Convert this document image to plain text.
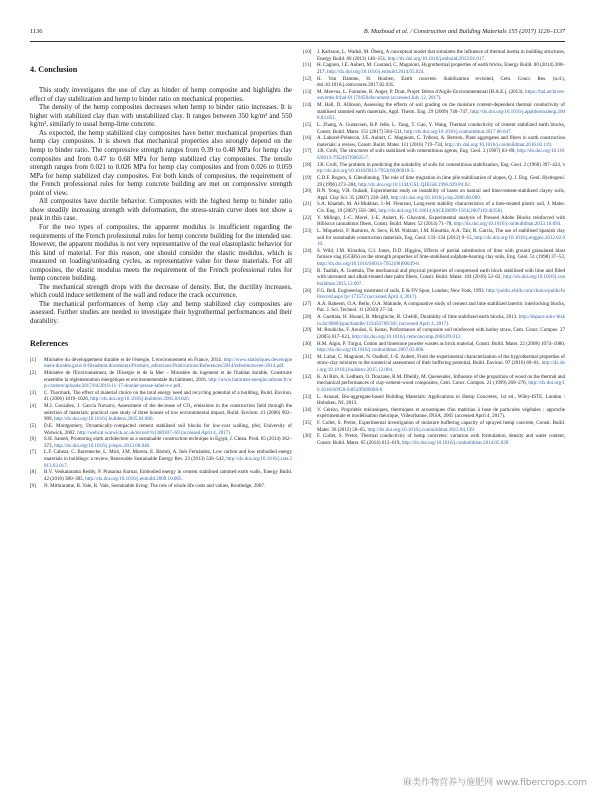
1136	B. Mazhoud et al. / Construction and Building Materials 155 (2017) 1126–1137
4. Conclusion

This study investigates the use of clay as binder of hemp composite and highlights the effect of clay stabilization and hemp to binder ratio on mechanical properties.

The density of the hemp composites decreases when hemp to binder ratio increases. It is higher with stabilized clay than with unstabilized clay. It ranges between 350 kg/m³ and 550 kg/m³, similarly to usual hemp-lime concrete.

As expected, the hemp stabilized clay composites have better mechanical properties than hemp clay composites. It is shown that mechanical properties also strongly depend on the hemp to binder ratio. The compressive strength ranges from 0.39 to 0.48 MPa for hemp clay composites and from 0.47 to 0.68 MPa for hemp stabilized clay composites. The tensile strength ranges from 0.021 to 0.026 MPa for hemp clay composites and from 0.026 to 0.059 MPa for hemp stabilized clay composites. For both kinds of composites, the requirement of the French professional rules for hemp concrete building are met on compressive strength point of view.

All composites have ductile behavior. Composites with the highest hemp to binder ratio show steadily increasing strength with deformation, the stress-strain curve does not show a peak in this case.

For the two types of composites, the apparent modulus is insufficient regarding the requirements of the French professional rules for hemp concrete building for the intended use. However, the apparent modulus is not very representative of the real elastoplastic behavior for this kind of material. For this reason, one should consider the elastic modulus, which is measured on loading/unloading cycles, as representative value for these materials. For all composites, the elastic modulus meets the requirement of the French professional rules for hemp concrete building.

The mechanical strength drops with the decrease of density. But, the ductility increases, which could induce settlement of the wall and reduce the crack occurrence.

The mechanical performances of hemp clay and hemp stabilized clay composites are assessed. Further studies are needed to investigate their hygrothermal performances and their durability.

References
[1] Ministère du développement durable et de l'énergie, L'environnement en France, 2014. http://www.statistiques.developpement-durable.gouv.fr/fileadmin/documents/Produits_editoriaux/Publications/References/2014/references-ree-2014.pdf.
[2] Ministère de l'Environnement, de l'Energie et de la Mer – Ministère du logement et de l'habitat durable, Construire ensemble la réglementation énergétique et environnementale du bâtiment, 2016. http://www.batiment-energiecarbone.fr/wp-content/uploads/2017/04/2016-11-17-dossier-presse-label-e-c.pdf.
[3] C. Thormark, The effect of material choice on the total energy need and recycling potential of a building, Build. Environ. 41 (2006) 1019–1026, http://dx.doi.org/10.1016/j.buildenv.2005.04.026.
[4] M.J. González, J. García Navarro, Assessment of the decrease of CO₂ emissions in the construction field through the selection of materials: practical case study of three houses of low environmental impact, Build. Environ. 41 (2006) 902–909, http://dx.doi.org/10.1016/j.buildenv.2005.04.006.
[5] D.E. Montgomery, Dynamically-compacted cement stabilised soil blocks for low-cost walling, phd, University of Warwick, 2002. http://webcat.warwick.ac.uk/record=b1380307~S9 (accessed April 4, 2017).
[6] S.H. Sameh, Promoting earth architecture as a sustainable construction technique in Egypt, J. Clean. Prod. 65 (2014) 362–373, http://dx.doi.org/10.1016/j.jclepro.2013.08.046.
[7] L.F. Cabeza, C. Barreneche, L. Miró, J.M. Morera, E. Bartolí, A. Inés Fernández, Low carbon and low embodied energy materials in buildings: a review, Renewable Sustainable Energy Rev. 23 (2013) 536–542, http://dx.doi.org/10.1016/j.rser.2013.03.017.
[8] B.V. Venkatarama Reddy, P. Prasanna Kumar, Embodied energy in cement stabilised rammed earth walls, Energy Build. 42 (2010) 380–385, http://dx.doi.org/10.1016/j.enbuild.2009.10.005.
[9] N. Mithraratne, B. Vale, R. Vale, Sustainable living: The role of whole life costs and values, Routledge, 2007.
[10] J. Karlsson, L. Wadsö, M. Öberg, A conceptual model that simulates the influence of thermal inertia in building structures, Energy Build. 60 (2013) 146–151, http://dx.doi.org/10.1016/j.enbuild.2013.01.017.
[11] H. Cagnon, J.E. Aubert, M. Coutand, C. Magniont, Hygrothermal properties of earth bricks, Energy Build. 80 (2014) 208–217, http://dx.doi.org/10.1016/j.enbuild.2014.05.024.
[12] H. Van Damme, H. Houben, Earth concrete. Stabilization revisited, Cem. Concr. Res. (n.d.), doi:10.1016/j.cemconres.2017.02.035.
[13] M. Moevus, L. Fontaine, R. Anger, P. Doat, Projet: Béton d'Argile Environnemental (B.A.E.), (2013). https://hal.archives-ouvertes.fr/hal-01179458/document (accessed July 12, 2017).
[14] M. Hall, D. Allinson, Assessing the effects of soil grading on the moisture content-dependent thermal conductivity of stabilised rammed earth materials, Appl. Therm. Eng. 29 (2009) 740–747, http://dx.doi.org/10.1016/j.applthermaleng.2008.03.051.
[15] L. Zhang, A. Gustavsen, B.P. Jelle, L. Yang, T. Gao, Y. Wang, Thermal conductivity of cement stabilized earth blocks, Constr. Build. Mater. 151 (2017) 504–511, http://dx.doi.org/10.1016/j.conbuildmat.2017.06.047.
[16] A. Laborel-Préneron, J.E. Aubert, C. Magniont, C. Tribout, A. Bertron, Plant aggregates and fibers in earth construction materials: a review, Constr. Build. Mater. 111 (2016) 719–734, http://dx.doi.org/10.1016/j.conbuildmat.2016.02.119.
[17] J.B. Croft, The structures of soils stabilized with cementitious agents, Eng. Geol. 2 (1967) 63–80, http://dx.doi.org/10.1016/0013-7952(67)90025-7.
[18] J.B. Croft, The problem in predicting the suitability of soils for cementitious stabilization, Eng. Geol. 2 (1968) 397–424, http://dx.doi.org/10.1016/0013-7952(68)90018-5.
[19] C.D.F. Rogers, S. Glendinning, The role of lime migration in lime pile stabilization of slopes, Q. J. Eng. Geol. Hydrogeol. 29 (1996) 273–284, http://dx.doi.org/10.1144/GSL.QJEGH.1996.029.P4.02.
[20] R.N. Yong, V.R. Ouhadi, Experimental study on instability of bases on natural and lime/cement-stabilized clayey soils, Appl. Clay Sci. 35 (2007) 238–249, http://dx.doi.org/10.1016/j.clay.2006.08.009.
[21] S.A. Khattab, M. Al-Mukhtar, J.-M. Fleureau, Long-term stability characteristics of a lime-treated plastic soil, J. Mater. Civ. Eng. 19 (2007) 358–366, http://dx.doi.org/10.1061/(ASCE)0899-1561(2007)19:4(358).
[22] Y. Millogo, J.-C. Morel, J.-E. Aubert, K. Ghavami, Experimental analysis of Pressed Adobe Blocks reinforced with Hibiscus cannabinus fibers, Constr. Build. Mater. 52 (2014) 71–78, http://dx.doi.org/10.1016/j.conbuildmat.2013.10.094.
[23] L. Miqueleiz, F. Ramírez, A. Seco, R.M. Nidzam, J.M. Kinuthia, A.A. Tair, R. García, The use of stabilised Spanish clay soil for sustainable construction materials, Eng. Geol. 133–134 (2012) 9–15, http://dx.doi.org/10.1016/j.enggeo.2012.02.010.
[24] S. Wild, J.M. Kinuthia, G.I. Jones, D.D. Higgins, Effects of partial substitution of lime with ground granulated blast furnace slag (GGBS) on the strength properties of lime-stabilised sulphate-bearing clay soils, Eng. Geol. 51 (1998) 37–53, http://dx.doi.org/10.1016/S0013-7952(98)00039-8.
[25] B. Taallah, A. Guettala, The mechanical and physical properties of compressed earth block stabilized with lime and filled with untreated and alkali-treated date palm fibers, Constr. Build. Mater. 104 (2016) 52–62, http://dx.doi.org/10.1016/j.conbuildmat.2015.12.007.
[26] F.G. Bell, Engineering treatment of soils, E & FN Spon, London; New York, 1993. http://public.eblib.com/choice/publicfullrecord.aspx?p=171572 (accessed April 4, 2017).
[27] A.A. Raheem, O.A. Bello, O.A. Makinde, A comparative study of cement and lime stabilized lateritic interlocking blocks, Pac. J. Sci. Technol. 11 (2010) 27–34.
[28] A. Guettala, H. Houari, B. Mezghiche, R. Chebili, Durability of lime stabilized earth blocks, 2013. http://dspace.univ-biskra.dz:8080/jspui/handle/123456789/385 (accessed April 4, 2017).
[29] M. Bouhicha, F. Aouissi, S. Kenai, Performance of composite soil reinforced with barley straw, Cem. Concr. Compos. 27 (2005) 617–621, http://dx.doi.org/10.1016/j.cemconcomp.2004.09.013.
[30] H.M. Algin, P. Turgut, Cotton and limestone powder wastes as brick material, Constr. Build. Mater. 22 (2008) 1074–1080, http://dx.doi.org/10.1016/j.conbuildmat.2007.03.006.
[31] M. Lahat, C. Magniont, N. Oudhof, J.-E. Aubert, From the experimental characterization of the hygrothermal properties of straw-clay mixtures to the numerical assessment of their buffering potential, Build. Environ. 97 (2016) 69–81, http://dx.doi.org/10.1016/j.buildenv.2015.12.004.
[32] K. Al Rim, A. Ledhem, O. Douzane, R.M. Dheilly, M. Queneudec, Influence of the proportion of wood on the thermal and mechanical performances of clay-cement-wood composites, Cem. Concr. Compos. 21 (1999) 269–276, http://dx.doi.org/10.1016/S0958-9465(99)00008-6.
[33] L. Arnaud, Bio-aggregate-based Building Materials: Applications to Hemp Concretes, 1st ed., Wiley-ISTE, London : Hoboken, NJ, 2013.
[34] V. Cérézo, Propriétés mécaniques, thermiques et acoustiques d'un matériau à base de particules végétales : approche expérimentale et modélisation théorique, Villeurbanne, INSA, 2005 (accessed April 4, 2017).
[35] F. Collet, S. Pretot, Experimental investigation of moisture buffering capacity of sprayed hemp concrete, Constr. Build. Mater. 36 (2012) 58–65, http://dx.doi.org/10.1016/j.conbuildmat.2012.04.139.
[36] F. Collet, S. Pretot, Thermal conductivity of hemp concretes: variation with formulation, density and water content, Constr. Build. Mater. 65 (2014) 612–619, http://dx.doi.org/10.1016/j.conbuildmat.2014.05.039.
麻类作物营养与施肥网 www.fibercrops.com
